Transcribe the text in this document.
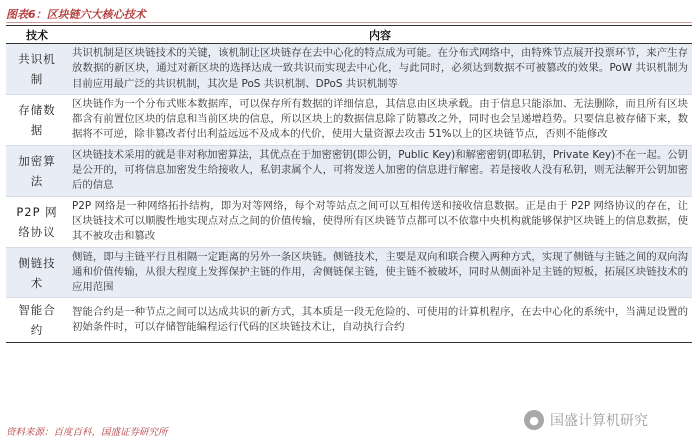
图表6：区块链六大核心技术
技术	内容
共识机制	共识机制是区块链技术的关键，该机制让区块链存在去中心化的特点成为可能。在分布式网络中，由特殊节点展开投票环节，来产生存放数据的新区块，通过对新区块的选择达成一致共识而实现去中心化，与此同时，必须达到数据不可被篡改的效果。PoW 共识机制为目前应用最广泛的共识机制，其次是 PoS 共识机制、DPoS 共识机制等
存储数据	区块链作为一个分布式账本数据库，可以保存所有数据的详细信息，其信息由区块承载。由于信息只能添加、无法删除，而且所有区块都含有前置位区块的信息和当前区块的信息，所以区块上的数据信息除了防篡改之外，同时也会呈递增趋势。只要信息被存储下来，数据将不可逆，除非篡改者付出利益远远不及成本的代价，使用大量资源去攻击 51%以上的区块链节点，否则不能修改
加密算法	区块链技术采用的就是非对称加密算法，其优点在于加密密钥(即公钥，Public Key)和解密密钥(即私钥，Private Key)不在一起。公钥是公开的，可将信息加密发生给接收人，私钥隶属个人，可将发送人加密的信息进行解密。若是接收人没有私钥，则无法解开公钥加密后的信息
P2P 网络协议	P2P 网络是一种网络拓扑结构，即为对等网络，每个对等站点之间可以互相传送和接收信息数据。正是由于 P2P 网络协议的存在，让区块链技术可以顺腹性地实现点对点之间的价值传输，使得所有区块链节点都可以不依靠中央机构就能够保护区块链上的信息数据，使其不被攻击和篡改
侧链技术	侧链，即与主链平行且相隔一定距离的另外一条区块链。侧链技术，主要是双向和联合楔入两种方式，实现了侧链与主链之间的双向沟通和价值传输，从很大程度上发挥保护主链的作用，舍侧链保主链，使主链不被破坏，同时从侧面补足主链的短板，拓展区块链技术的应用范围
智能合约	智能合约是一种节点之间可以达成共识的新方式，其本质是一段无危险的、可使用的计算机程序，在去中心化的系统中，当满足设置的初始条件时，可以存储智能编程运行代码的区块链技术让，自动执行合约
资料来源：百度百科，国盛证券研究所
● 国盛计算机研究
